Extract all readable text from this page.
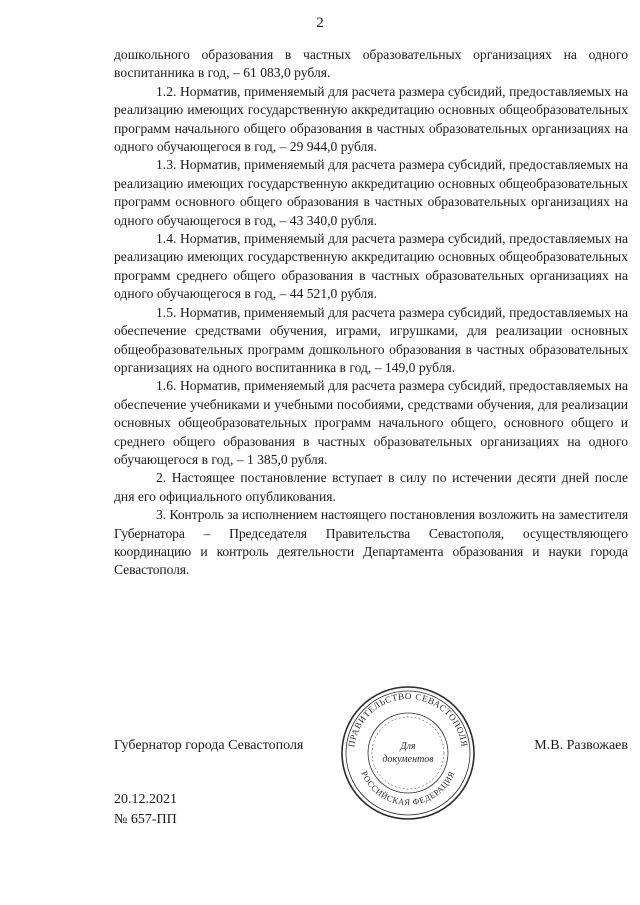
2

дошкольного образования в частных образовательных организациях на одного воспитанника в год, – 61 083,0 рубля.

1.2. Норматив, применяемый для расчета размера субсидий, предоставляемых на реализацию имеющих государственную аккредитацию основных общеобразовательных программ начального общего образования в частных образовательных организациях на одного обучающегося в год, – 29 944,0 рубля.

1.3. Норматив, применяемый для расчета размера субсидий, предоставляемых на реализацию имеющих государственную аккредитацию основных общеобразовательных программ основного общего образования в частных образовательных организациях на одного обучающегося в год, – 43 340,0 рубля.

1.4. Норматив, применяемый для расчета размера субсидий, предоставляемых на реализацию имеющих государственную аккредитацию основных общеобразовательных программ среднего общего образования в частных образовательных организациях на одного обучающегося в год, – 44 521,0 рубля.

1.5. Норматив, применяемый для расчета размера субсидий, предоставляемых на обеспечение средствами обучения, играми, игрушками, для реализации основных общеобразовательных программ дошкольного образования в частных образовательных организациях на одного воспитанника в год, – 149,0 рубля.

1.6. Норматив, применяемый для расчета размера субсидий, предоставляемых на обеспечение учебниками и учебными пособиями, средствами обучения, для реализации основных общеобразовательных программ начального общего, основного общего и среднего общего образования в частных образовательных организациях на одного обучающегося в год, – 1 385,0 рубля.

2. Настоящее постановление вступает в силу по истечении десяти дней после дня его официального опубликования.

3. Контроль за исполнением настоящего постановления возложить на заместителя Губернатора – Председателя Правительства Севастополя, осуществляющего координацию и контроль деятельности Департамента образования и науки города Севастополя.

ПРАВИТЕЛЬСТВО СЕВАСТОПОЛЯ
РОССИЙСКАЯ ФЕДЕРАЦИЯ
Для
документов
Губернатор города Севастополя	М.В. Развожаев
20.12.2021
№ 657-ПП
